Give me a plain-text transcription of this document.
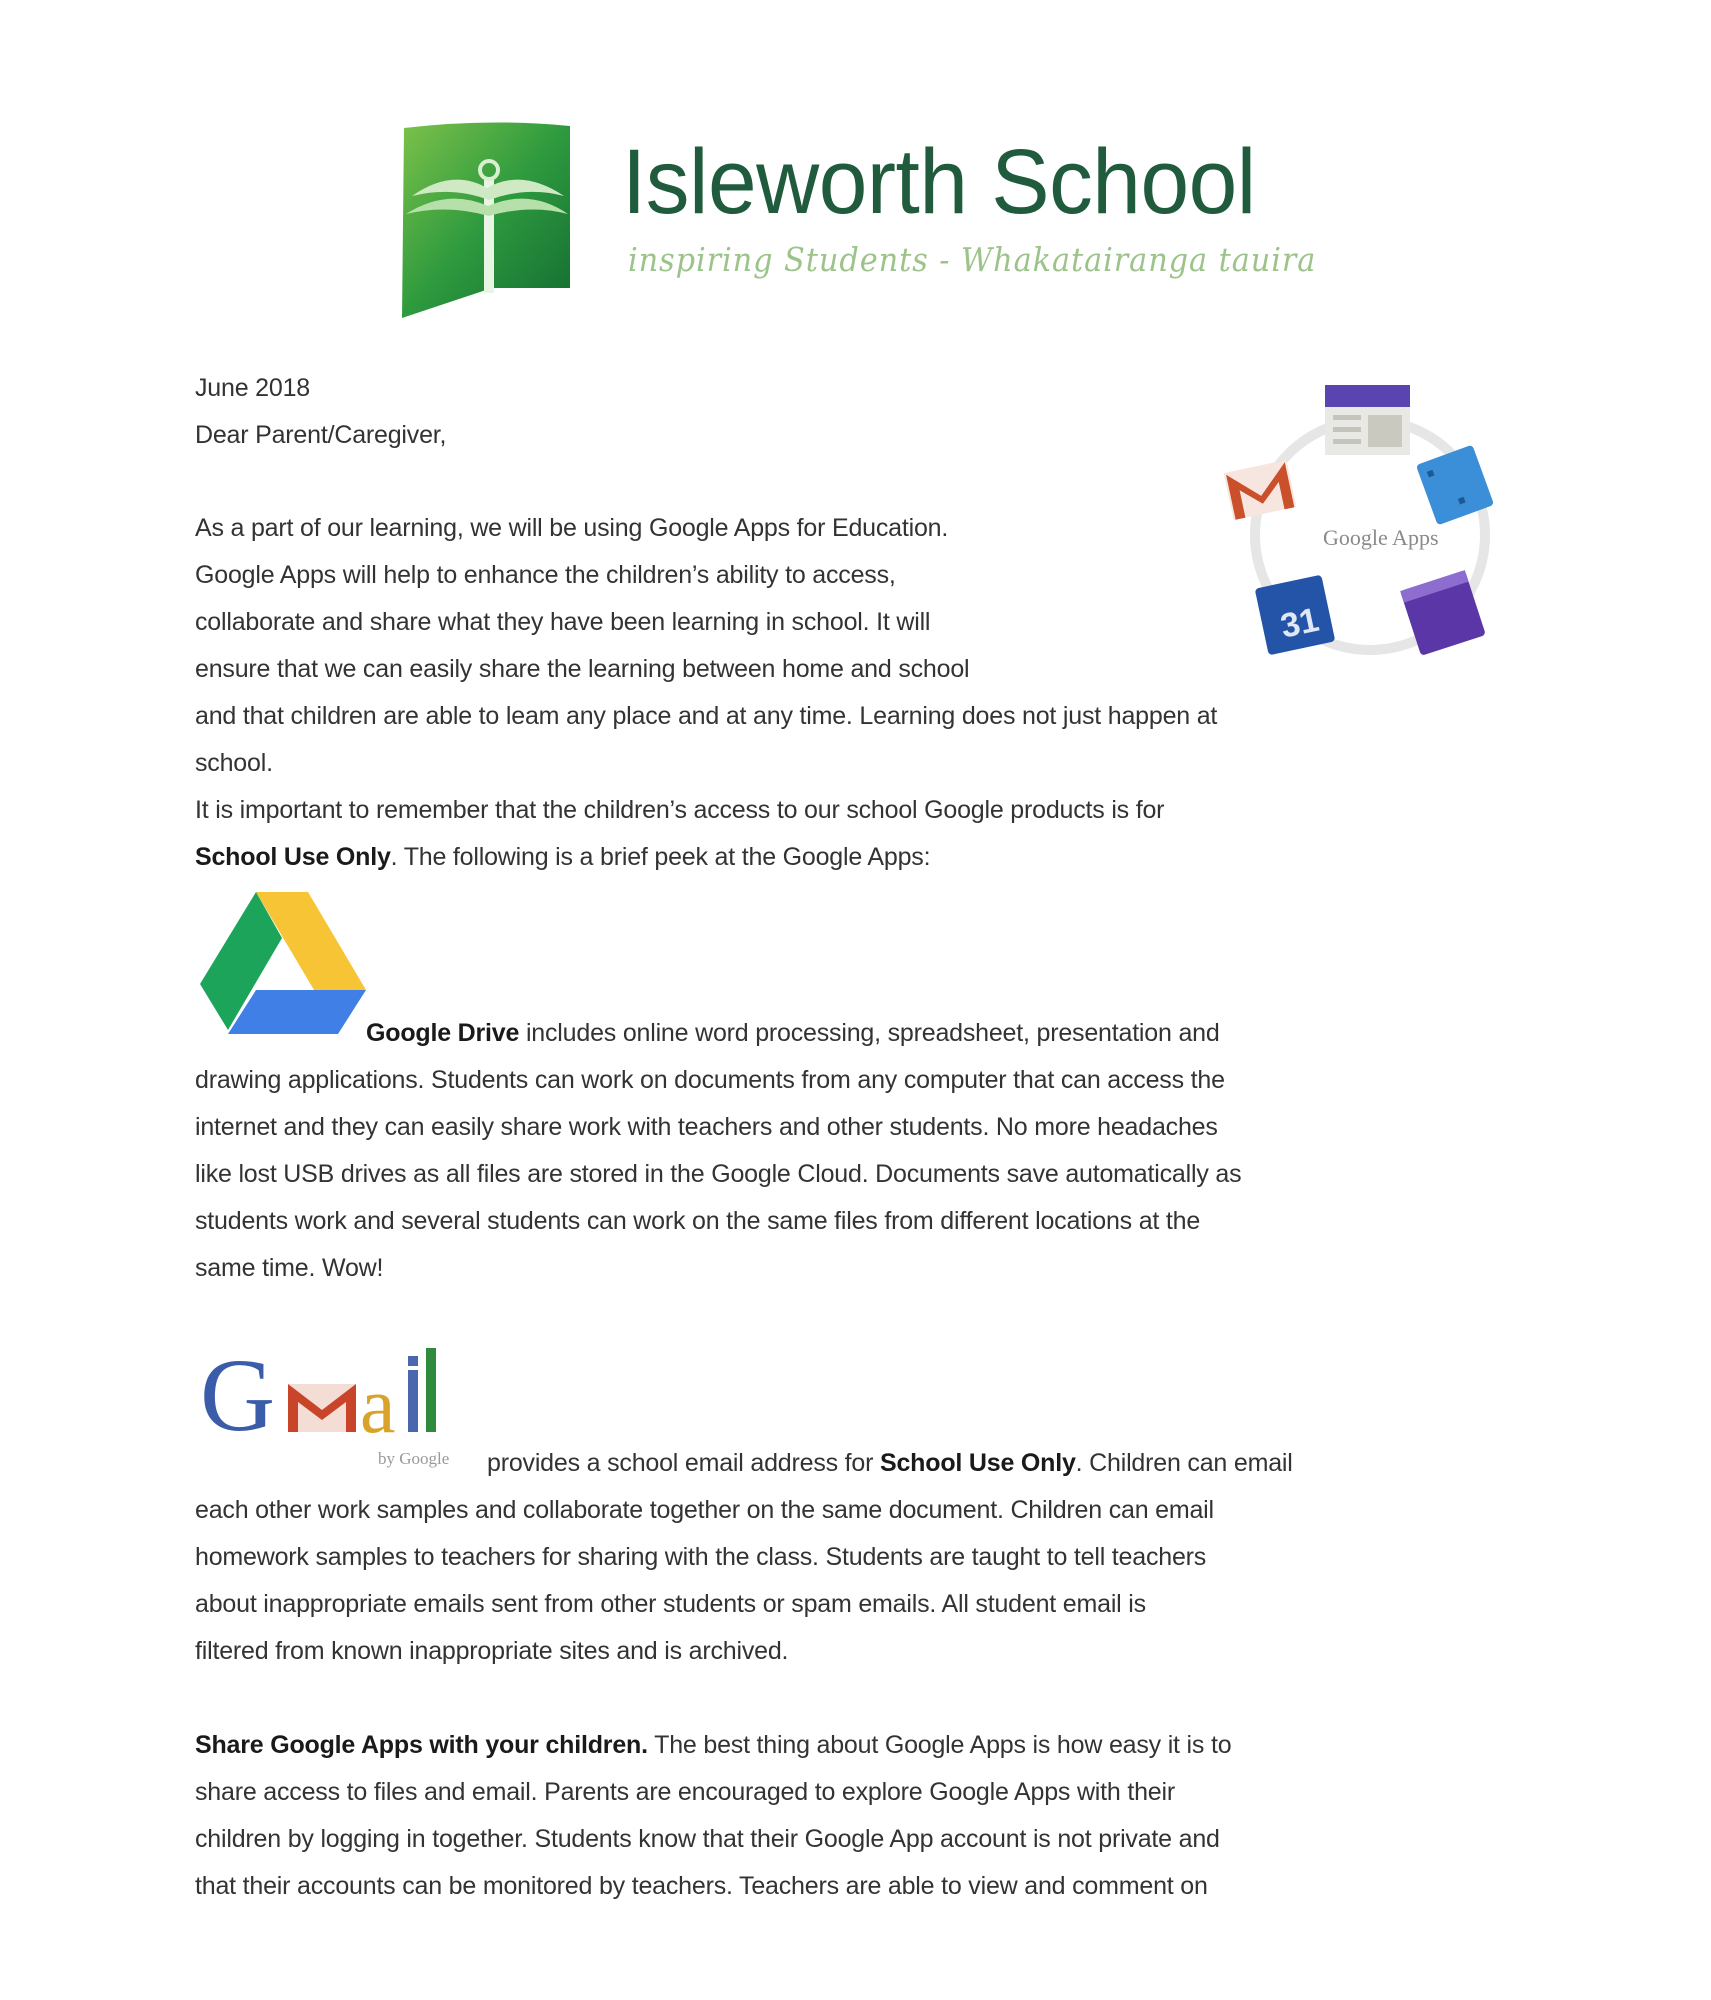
Isleworth School
inspiring Students - Whakatairanga tauira
June 2018
Dear Parent/Caregiver,
As a part of our learning, we will be using Google Apps for Education.
Google Apps will help to enhance the children’s ability to access,
collaborate and share what they have been learning in school. It will
ensure that we can easily share the learning between home and school
and that children are able to leam any place and at any time. Learning does not just happen at
school.
It is important to remember that the children’s access to our school Google products is for
School Use Only. The following is a brief peek at the Google Apps:
31
Google Apps
Google Drive includes online word processing, spreadsheet, presentation and
drawing applications. Students can work on documents from any computer that can access the
internet and they can easily share work with teachers and other students. No more headaches
like lost USB drives as all files are stored in the Google Cloud. Documents save automatically as
students work and several students can work on the same files from different locations at the
same time. Wow!
G a
by Google provides a school email address for School Use Only. Children can email
each other work samples and collaborate together on the same document. Children can email
homework samples to teachers for sharing with the class. Students are taught to tell teachers
about inappropriate emails sent from other students or spam emails. All student email is
filtered from known inappropriate sites and is archived.
Share Google Apps with your children. The best thing about Google Apps is how easy it is to
share access to files and email. Parents are encouraged to explore Google Apps with their
children by logging in together. Students know that their Google App account is not private and
that their accounts can be monitored by teachers. Teachers are able to view and comment on
